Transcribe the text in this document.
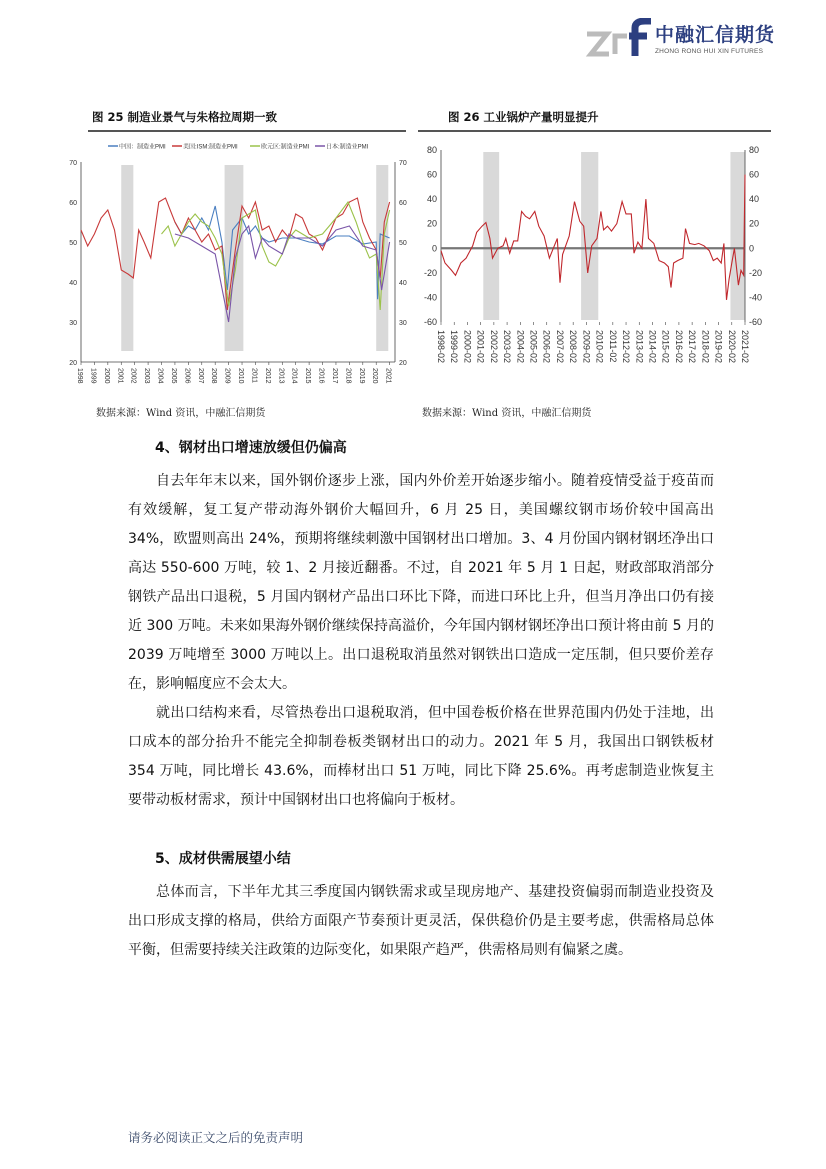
中融汇信期货
ZHONG RONG HUI XIN FUTURES
图 25 制造业景气与朱格拉周期一致
20	20
30	30
40	40
50	50
60	60
70	70
1998 1999 2000 2001 2002 2003 2004 2005 2006 2007 2008 2009 2010 2011 2012 2013 2014 2015 2016 2017 2018 2019 2020 2021
中国：制造业PMI	美国:ISM:制造业PMI	欧元区:制造业PMI	日本:制造业PMI
数据来源：Wind 资讯，中融汇信期货
图 26 工业锅炉产量明显提升
-60	-60
-40	-40
-20	-20
0	0
20	20
40	40
60	60
80	80
1998-02 1999-02 2000-02 2001-02 2002-02 2003-02 2004-02 2005-02 2006-02 2007-02 2008-02 2009-02 2010-02 2011-02 2012-02 2013-02 2014-02 2015-02 2016-02 2017-02 2018-02 2019-02 2020-02 2021-02
数据来源：Wind 资讯，中融汇信期货
4、钢材出口增速放缓但仍偏高

自去年年末以来，国外钢价逐步上涨，国内外价差开始逐步缩小。随着疫情受益于疫苗而有效缓解，复工复产带动海外钢价大幅回升，6 月 25 日，美国螺纹钢市场价较中国高出 34%，欧盟则高出 24%，预期将继续刺激中国钢材出口增加。3、4 月份国内钢材钢坯净出口高达 550-600 万吨，较 1、2 月接近翻番。不过，自 2021 年 5 月 1 日起，财政部取消部分钢铁产品出口退税，5 月国内钢材产品出口环比下降，而进口环比上升，但当月净出口仍有接近 300 万吨。未来如果海外钢价继续保持高溢价，今年国内钢材钢坯净出口预计将由前 5 月的 2039 万吨增至 3000 万吨以上。出口退税取消虽然对钢铁出口造成一定压制，但只要价差存在，影响幅度应不会太大。

就出口结构来看，尽管热卷出口退税取消，但中国卷板价格在世界范围内仍处于洼地，出口成本的部分抬升不能完全抑制卷板类钢材出口的动力。2021 年 5 月，我国出口钢铁板材 354 万吨，同比增长 43.6%，而棒材出口 51 万吨，同比下降 25.6%。再考虑制造业恢复主要带动板材需求，预计中国钢材出口也将偏向于板材。

5、成材供需展望小结

总体而言，下半年尤其三季度国内钢铁需求或呈现房地产、基建投资偏弱而制造业投资及出口形成支撑的格局，供给方面限产节奏预计更灵活，保供稳价仍是主要考虑，供需格局总体平衡，但需要持续关注政策的边际变化，如果限产趋严，供需格局则有偏紧之虞。

请务必阅读正文之后的免责声明
